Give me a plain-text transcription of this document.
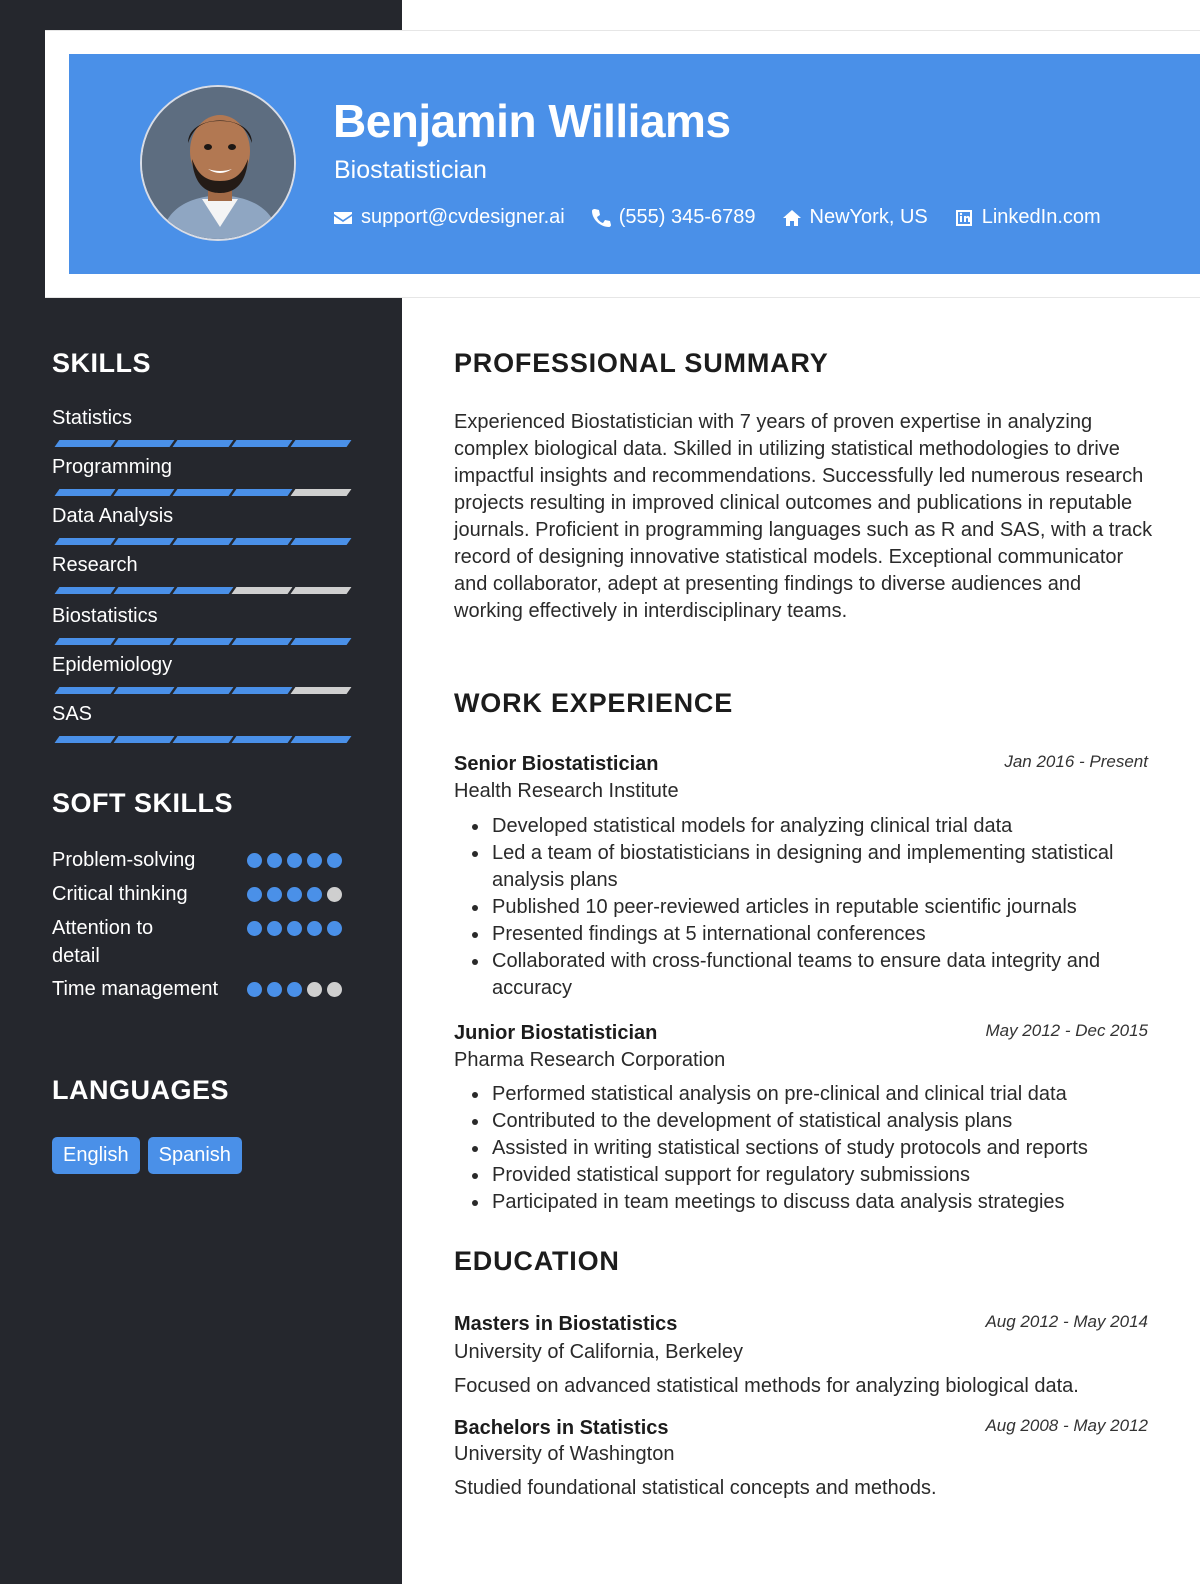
Benjamin Williams
Biostatistician
support@cvdesigner.ai	(555) 345-6789	NewYork, US	LinkedIn.com
SKILLS
Statistics
Programming
Data Analysis
Research
Biostatistics
Epidemiology
SAS
SOFT SKILLS
Problem-solving
Critical thinking
Attention to detail
Time management
LANGUAGES
English	Spanish
PROFESSIONAL SUMMARY

Experienced Biostatistician with 7 years of proven expertise in analyzing complex biological data. Skilled in utilizing statistical methodologies to drive impactful insights and recommendations. Successfully led numerous research projects resulting in improved clinical outcomes and publications in reputable journals. Proficient in programming languages such as R and SAS, with a track record of designing innovative statistical models. Exceptional communicator and collaborator, adept at presenting findings to diverse audiences and working effectively in interdisciplinary teams.

WORK EXPERIENCE
Senior Biostatistician	Jan 2016 - Present
Health Research Institute
Developed statistical models for analyzing clinical trial data
Led a team of biostatisticians in designing and implementing statistical analysis plans
Published 10 peer-reviewed articles in reputable scientific journals
Presented findings at 5 international conferences
Collaborated with cross-functional teams to ensure data integrity and accuracy
Junior Biostatistician	May 2012 - Dec 2015
Pharma Research Corporation
Performed statistical analysis on pre-clinical and clinical trial data
Contributed to the development of statistical analysis plans
Assisted in writing statistical sections of study protocols and reports
Provided statistical support for regulatory submissions
Participated in team meetings to discuss data analysis strategies
EDUCATION
Masters in Biostatistics	Aug 2012 - May 2014
University of California, Berkeley
Focused on advanced statistical methods for analyzing biological data.
Bachelors in Statistics	Aug 2008 - May 2012
University of Washington
Studied foundational statistical concepts and methods.
